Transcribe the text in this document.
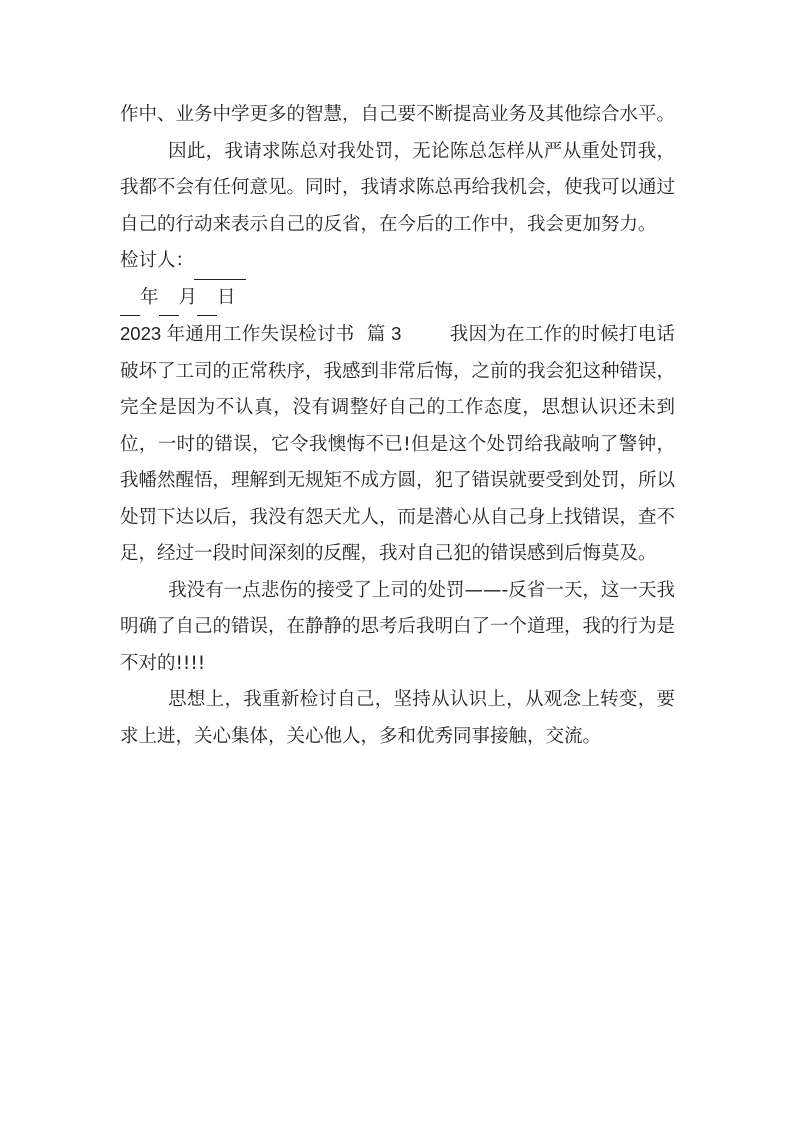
作中、业务中学更多的智慧，自己要不断提高业务及其他综合水平。

因此，我请求陈总对我处罚，无论陈总怎样从严从重处罚我，我都不会有任何意见。同时，我请求陈总再给我机会，使我可以通过自己的行动来表示自己的反省，在今后的工作中，我会更加努力。

检讨人：

年 月 日

2023 年通用工作失误检讨书 篇 3	我因为在工作的时候打电话破坏了工司的正常秩序，我感到非常后悔，之前的我会犯这种错误，完全是因为不认真，没有调整好自己的工作态度，思想认识还未到位，一时的错误，它令我懊悔不已!但是这个处罚给我敲响了警钟，我幡然醒悟，理解到无规矩不成方圆，犯了错误就要受到处罚，所以处罚下达以后，我没有怨天尤人，而是潜心从自己身上找错误，查不足，经过一段时间深刻的反醒，我对自己犯的错误感到后悔莫及。

我没有一点悲伤的接受了上司的处罚——-反省一天，这一天我明确了自己的错误，在静静的思考后我明白了一个道理，我的行为是不对的!!!!

思想上，我重新检讨自己，坚持从认识上，从观念上转变，要求上进，关心集体，关心他人，多和优秀同事接触，交流。
